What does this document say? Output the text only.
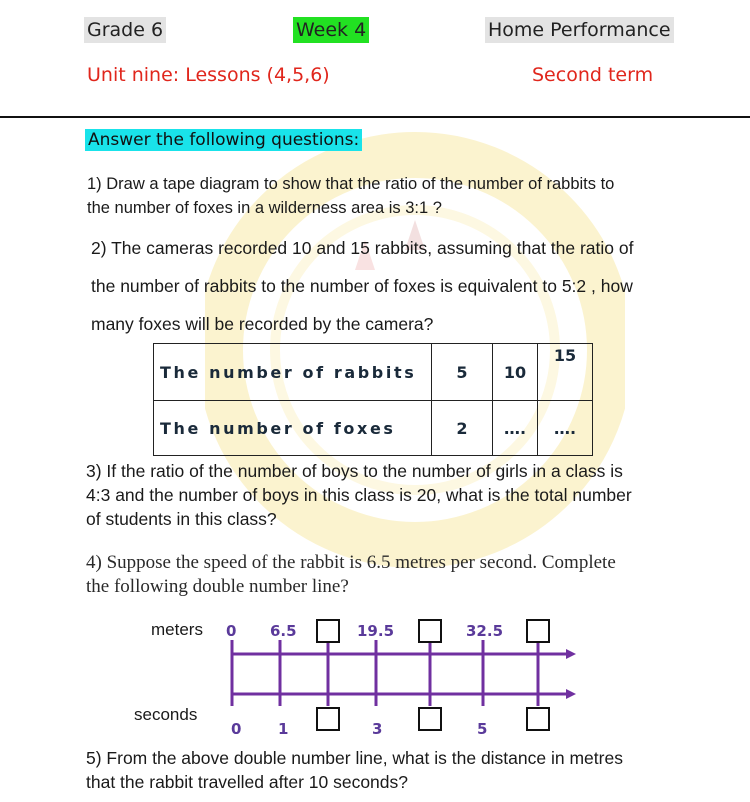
Grade 6	Week 4	Home Performance
Unit nine: Lessons (4,5,6)	Second term
Answer the following questions:
1) Draw a tape diagram to show that the ratio of the number of rabbits to
the number of foxes in a wilderness area is 3:1 ?
2) The cameras recorded 10 and 15 rabbits, assuming that the ratio of
the number of rabbits to the number of foxes is equivalent to 5:2 , how
many foxes will be recorded by the camera?
The number of rabbits	5	10	15
The number of foxes	2	….	….
3) If the ratio of the number of boys to the number of girls in a class is
4:3 and the number of boys in this class is 20, what is the total number
of students in this class?
4) Suppose the speed of the rabbit is 6.5 metres per second. Complete
the following double number line?
meters
seconds
0 6.5	19.5	32.5
0 1	3	5
5) From the above double number line, what is the distance in metres
that the rabbit travelled after 10 seconds?
